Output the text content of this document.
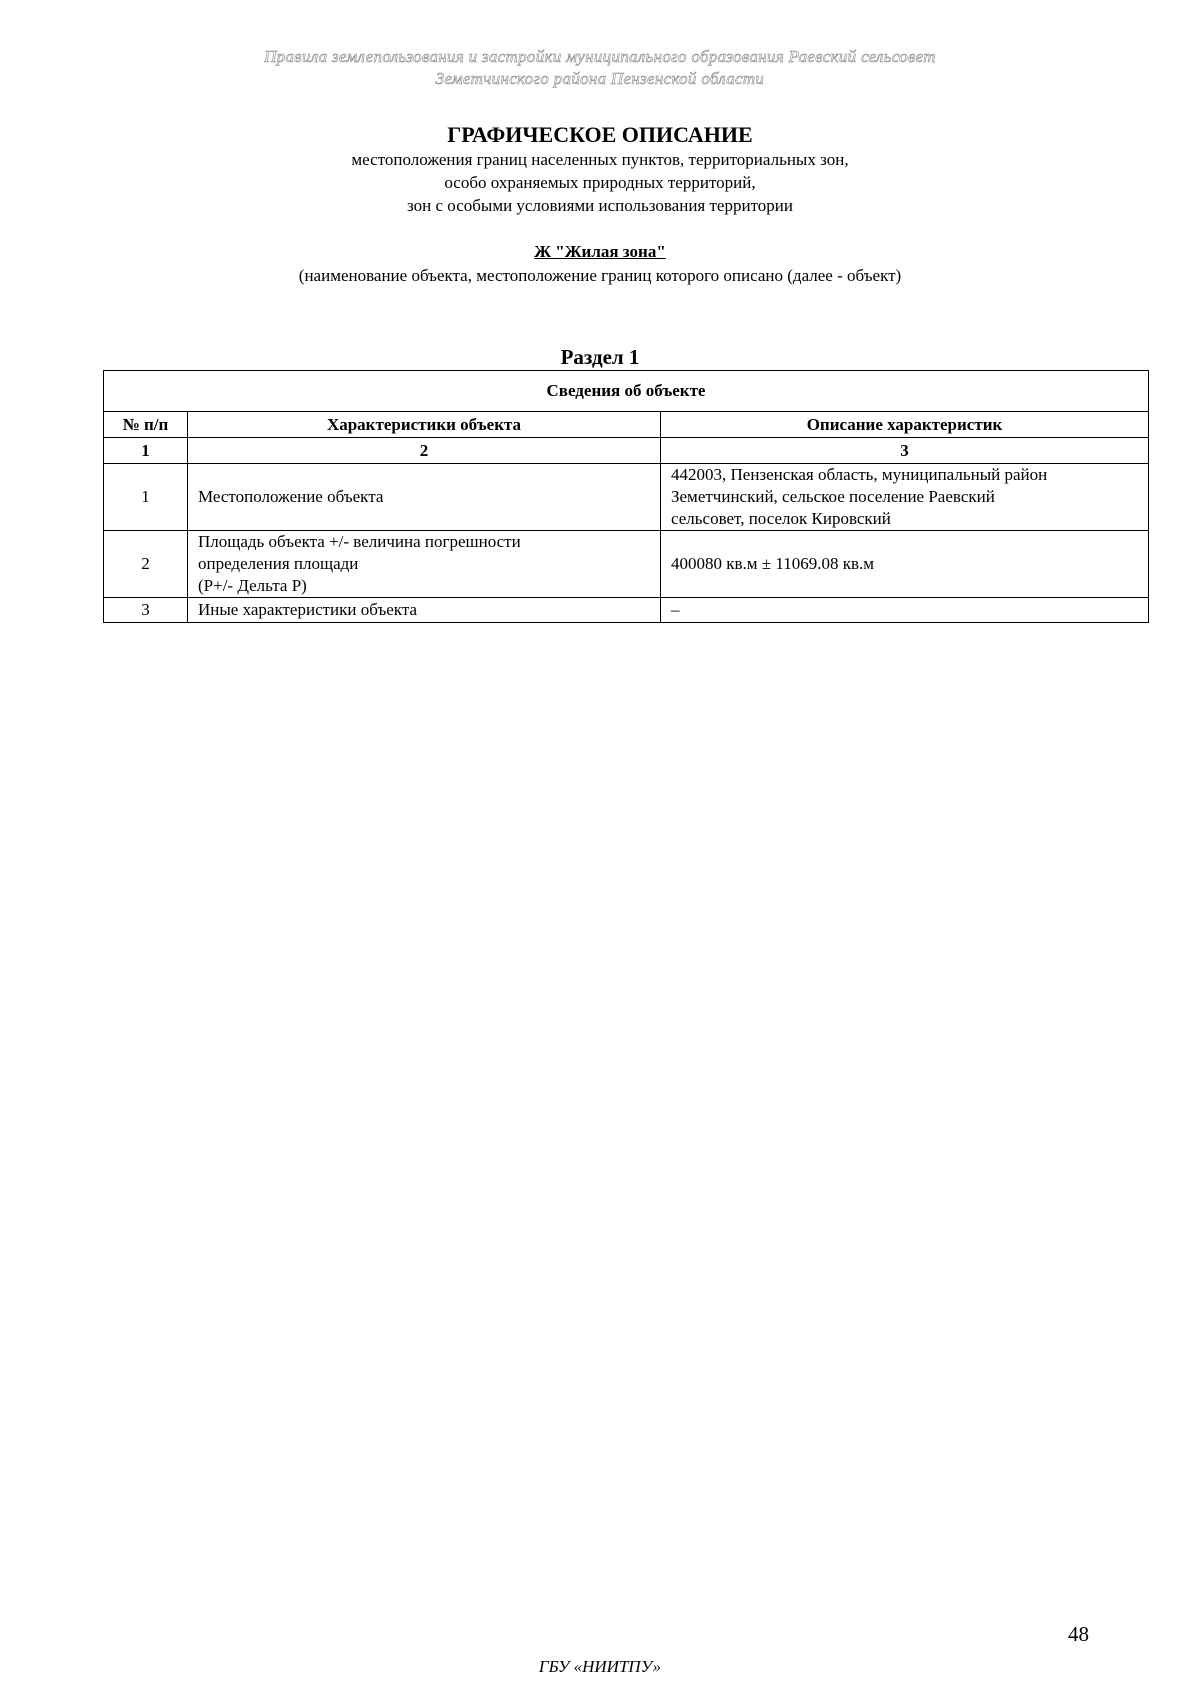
Правила землепользования и застройки муниципального образования Раевский сельсовет
Земетчинского района Пензенской области
ГРАФИЧЕСКОЕ ОПИСАНИЕ
местоположения границ населенных пунктов, территориальных зон,
особо охраняемых природных территорий,
зон с особыми условиями использования территории
Ж "Жилая зона"
(наименование объекта, местоположение границ которого описано (далее - объект)
Раздел 1
Сведения об объекте		
№ п/п	Характеристики объекта	Описание характеристик
1	2	3
1	Местоположение объекта	442003, Пензенская область, муниципальный район
Земетчинский, сельское поселение Раевский
сельсовет, поселок Кировский

2	Площадь объекта +/- величина погрешности
определения площади
(Р+/- Дельта Р)	400080 кв.м ± 11069.08 кв.м

3	Иные характеристики объекта	–
48
ГБУ «НИИТПУ»
